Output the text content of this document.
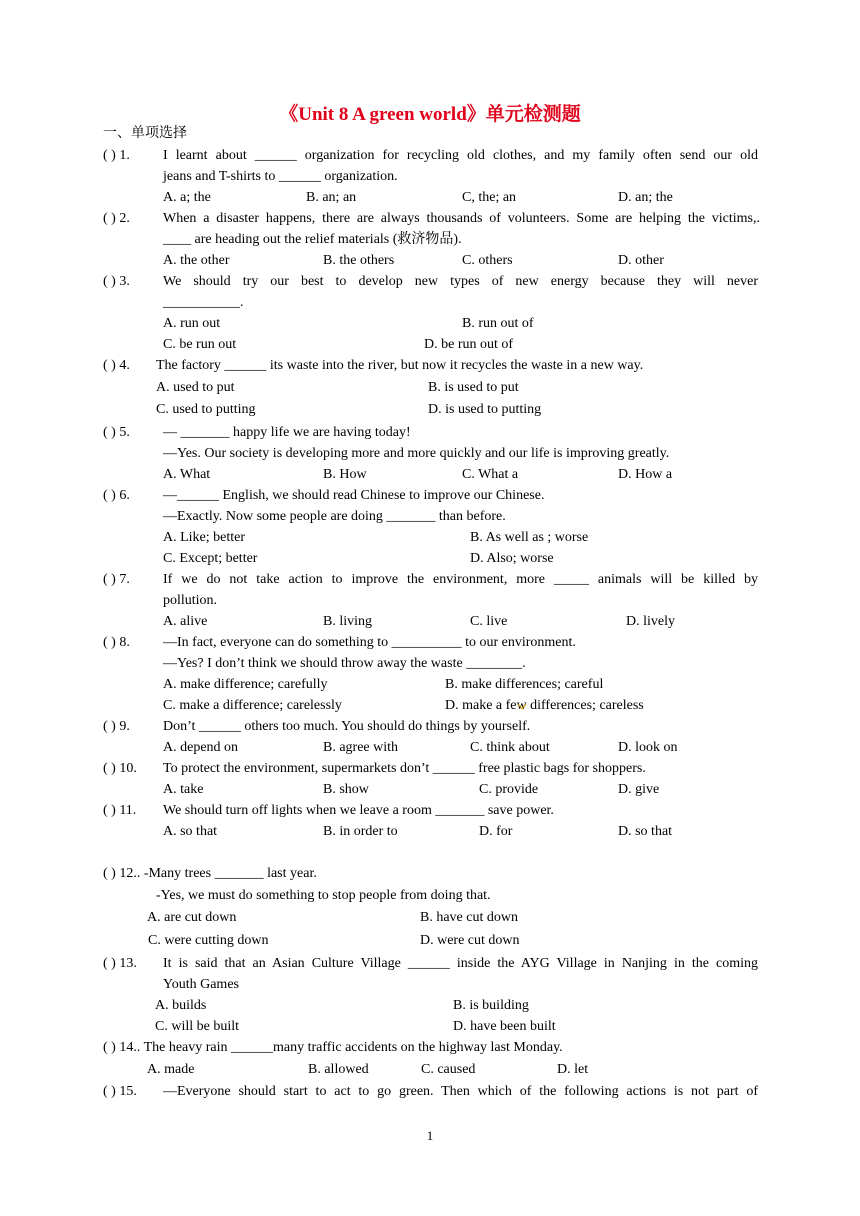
《Unit 8 A green world》单元检测题
一、单项选择
( ) 1. I learnt about ______ organization for recycling old clothes, and my family often send our old
jeans and T-shirts to ______ organization.
A. a; the	B. an; an	C, the; an	D. an; the
( ) 2. When a disaster happens, there are always thousands of volunteers. Some are helping the victims,.
____ are heading out the relief materials (救济物品).
A. the other	B. the others	C. others	D. other
( ) 3. We should try our best to develop new types of new energy because they will never
___________.
A. run out	B. run out of
C. be run out	D. be run out of
( ) 4. The factory ______ its waste into the river, but now it recycles the waste in a new way.
A. used to put	B. is used to put
C. used to putting	D. is used to putting
( ) 5. — _______ happy life we are having today!
—Yes. Our society is developing more and more quickly and our life is improving greatly.
A. What	B. How	C. What a	D. How a
( ) 6. —______ English, we should read Chinese to improve our Chinese.
—Exactly. Now some people are doing _______ than before.
A. Like; better	B. As well as ; worse
C. Except; better	D. Also; worse
( ) 7. If we do not take action to improve the environment, more _____ animals will be killed by
pollution.
A. alive	B. living	C. live	D. lively
( ) 8. —In fact, everyone can do something to __________ to our environment.
—Yes? I don’t think we should throw away the waste ________.
A. make difference; carefully	B. make differences; careful
C. make a difference; carelessly	D. make a few differences; careless
( ) 9. Don’t ______ others too much. You should do things by yourself.
A. depend on	B. agree with	C. think about	D. look on
( ) 10. To protect the environment, supermarkets don’t ______ free plastic bags for shoppers.
A. take	B. show	C. provide	D. give
( ) 11. We should turn off lights when we leave a room _______ save power.
A. so that	B. in order to	D. for	D. so that
( ) 12.. -Many trees _______ last year.
-Yes, we must do something to stop people from doing that.
A. are cut down	B. have cut down
C. were cutting down	D. were cut down
( ) 13. It is said that an Asian Culture Village ______ inside the AYG Village in Nanjing in the coming
Youth Games
A. builds	B. is building
C. will be built	D. have been built
( ) 14.. The heavy rain ______many traffic accidents on the highway last Monday.
A. made	B. allowed	C. caused	D. let
( ) 15. —Everyone should start to act to go green. Then which of the following actions is not part of
1
